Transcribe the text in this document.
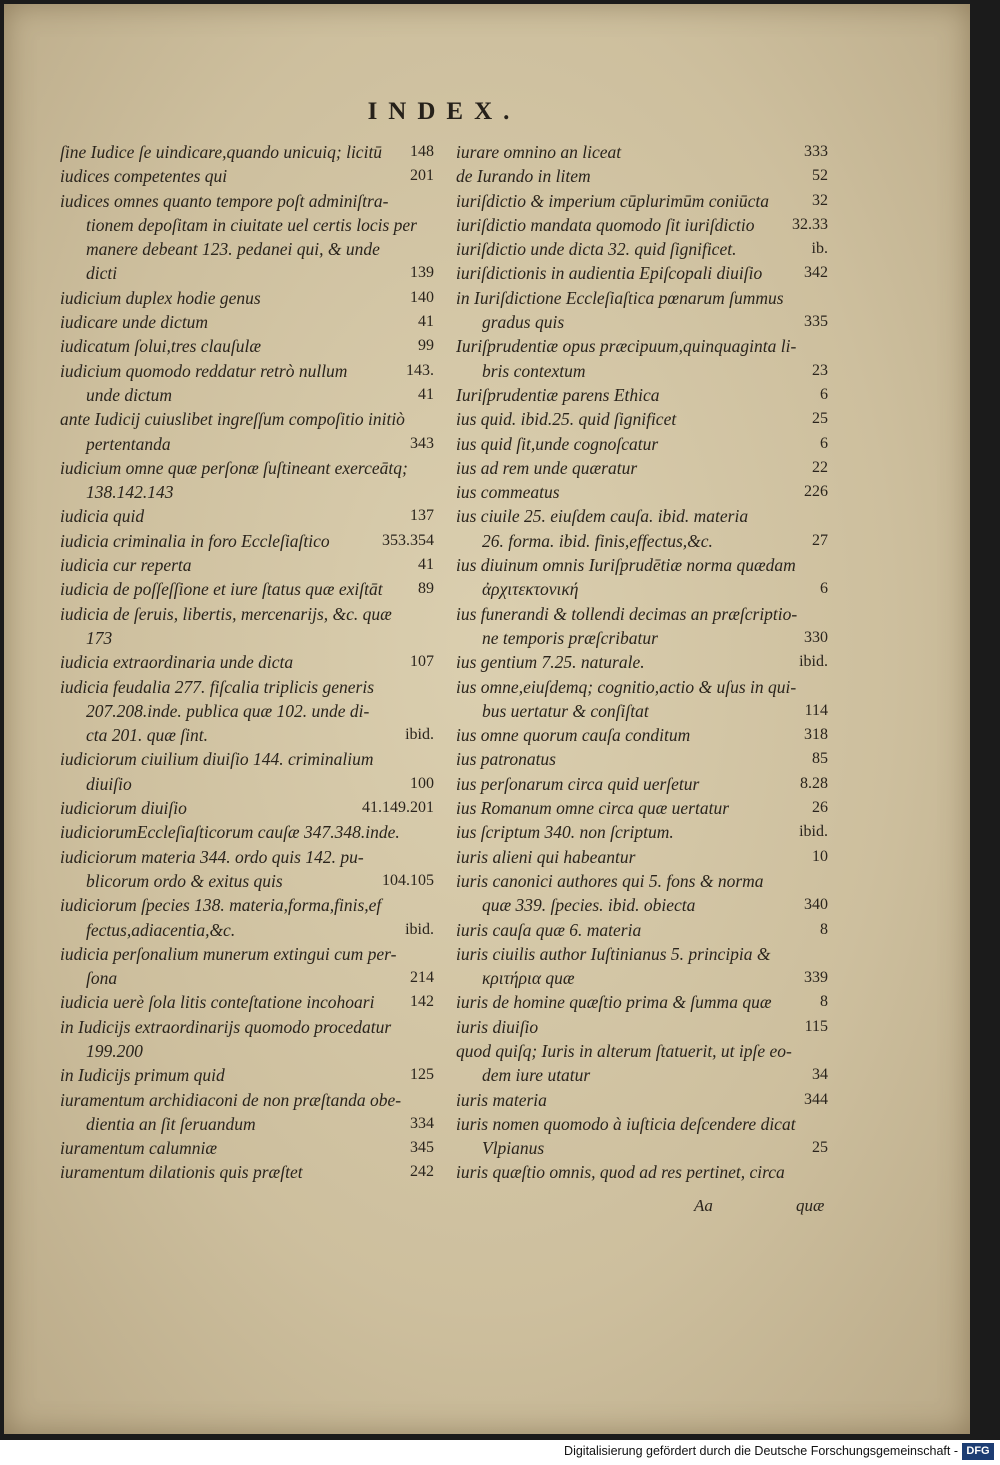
INDEX.
ſine Iudice ſe uindicare,quando unicuiq; licitū 148
iudices competentes qui	201
iudices omnes quanto tempore poſt adminiſtra-
tionem depoſitam in ciuitate uel certis locis per
manere debeant 123. pedanei qui, & unde
dicti	139
iudicium duplex hodie genus	140
iudicare unde dictum	41
iudicatum ſolui,tres clauſulæ	99
iudicium quomodo reddatur retrò nullum	143.
unde dictum	41
ante Iudicij cuiuslibet ingreſſum compoſitio initiò
pertentanda	343
iudicium omne quæ perſonæ ſuſtineant exerceātq;
138.142.143
iudicia quid	137
iudicia criminalia in foro Eccleſiaſtico	353.354
iudicia cur reperta	41
iudicia de poſſeſſione et iure ſtatus quæ exiſtāt 89
iudicia de ſeruis, libertis, mercenarijs, &c. quæ
173
iudicia extraordinaria unde dicta	107
iudicia feudalia 277. fiſcalia triplicis generis
207.208.inde. publica quæ 102. unde di-
cta 201. quæ ſint.	ibid.
iudiciorum ciuilium diuiſio 144. criminalium
diuiſio	100
iudiciorum diuiſio	41.149.201
iudiciorumEccleſiaſticorum cauſæ 347.348.inde.
iudiciorum materia 344. ordo quis 142. pu-
blicorum ordo & exitus quis	104.105
iudiciorum ſpecies 138. materia,forma,finis,ef
fectus,adiacentia,&c.	ibid.
iudicia perſonalium munerum extingui cum per-
ſona	214
iudicia uerè ſola litis conteſtatione incohoari 142
in Iudicijs extraordinarijs quomodo procedatur
199.200
in Iudicijs primum quid	125
iuramentum archidiaconi de non præſtanda obe-
dientia an ſit ſeruandum	334
iuramentum calumniæ	345
iuramentum dilationis quis præſtet	242
iurare omnino an liceat	333
de Iurando in litem	52
iuriſdictio & imperium cūplurimūm coniūcta	32
iuriſdictio mandata quomodo ſit iuriſdictio 32.33
iuriſdictio unde dicta 32. quid ſignificet.	ib.
iuriſdictionis in audientia Epiſcopali diuiſio	342
in Iuriſdictione Eccleſiaſtica pœnarum ſummus
gradus quis	335
Iuriſprudentiæ opus præcipuum,quinquaginta li-
bris contextum	23
Iuriſprudentiæ parens Ethica	6
ius quid. ibid.25. quid ſignificet	25
ius quid ſit,unde cognoſcatur	6
ius ad rem unde quæratur	22
ius commeatus	226
ius ciuile 25. eiuſdem cauſa. ibid. materia
26. forma. ibid. finis,effectus,&c.	27
ius diuinum omnis Iuriſprudētiæ norma quædam
ἀρχιτεκτονική	6
ius funerandi & tollendi decimas an præſcriptio-
ne temporis præſcribatur	330
ius gentium 7.25. naturale.	ibid.
ius omne,eiuſdemq; cognitio,actio & uſus in qui-
bus uertatur & conſiſtat	114
ius omne quorum cauſa conditum	318
ius patronatus	85
ius perſonarum circa quid uerſetur	8.28
ius Romanum omne circa quæ uertatur	26
ius ſcriptum 340. non ſcriptum.	ibid.
iuris alieni qui habeantur	10
iuris canonici authores qui 5. fons & norma
quæ 339. ſpecies. ibid. obiecta	340
iuris cauſa quæ 6. materia	8
iuris ciuilis author Iuſtinianus 5. principia &
κριτήρια quæ	339
iuris de homine quæſtio prima & ſumma quæ	8
iuris diuiſio	115
quod quiſq; Iuris in alterum ſtatuerit, ut ipſe eo-
dem iure utatur	34
iuris materia	344
iuris nomen quomodo à iuſticia deſcendere dicat
Vlpianus	25
iuris quæſtio omnis, quod ad res pertinet, circa
Aa	quæ
Digitalisierung gefördert durch die Deutsche Forschungsgemeinschaft - DFG
